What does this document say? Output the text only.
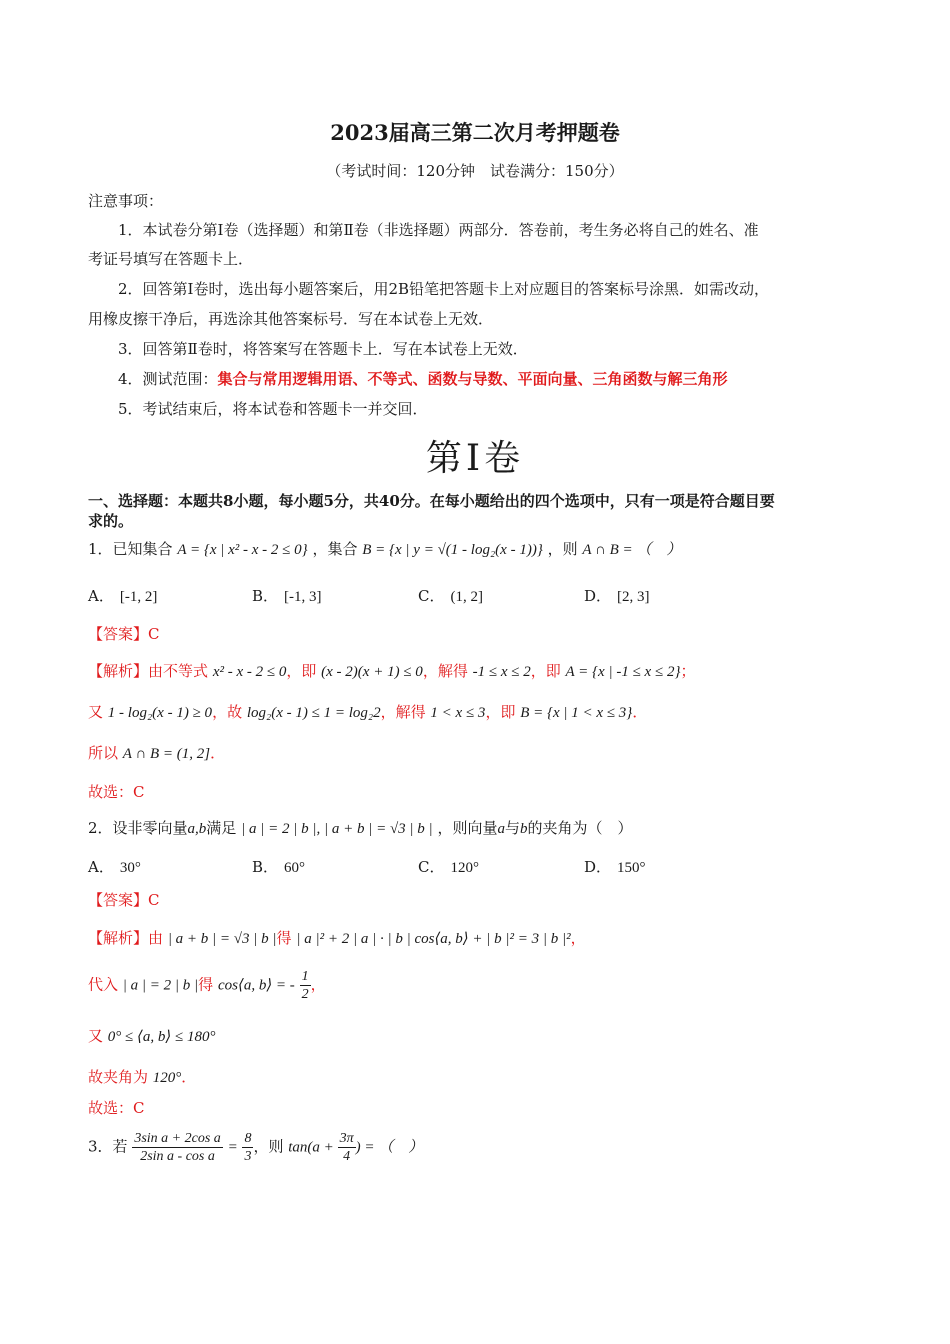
2023届高三第二次月考押题卷
（考试时间：120分钟　试卷满分：150分）
注意事项：
1．本试卷分第Ⅰ卷（选择题）和第Ⅱ卷（非选择题）两部分．答卷前，考生务必将自己的姓名、准
考证号填写在答题卡上．
2．回答第Ⅰ卷时，选出每小题答案后，用2B铅笔把答题卡上对应题目的答案标号涂黑．如需改动，
用橡皮擦干净后，再选涂其他答案标号．写在本试卷上无效．
3．回答第Ⅱ卷时，将答案写在答题卡上．写在本试卷上无效．
4．测试范围：集合与常用逻辑用语、不等式、函数与导数、平面向量、三角函数与解三角形
5．考试结束后，将本试卷和答题卡一并交回．
第Ⅰ卷
一、选择题：本题共8小题，每小题5分，共40分。在每小题给出的四个选项中，只有一项是符合题目要
求的。
1．已知集合 A = {x | x² - x - 2 ≤ 0} ，集合 B = {x | y = √(1 - log₂(x - 1))} ，则 A ∩ B = （　）
A． [-1, 2]	B． [-1, 3]	C． (1, 2]	D． [2, 3]
【答案】C
【解析】由不等式 x² - x - 2 ≤ 0，即 (x - 2)(x + 1) ≤ 0，解得 -1 ≤ x ≤ 2，即 A = {x | -1 ≤ x ≤ 2}；
又 1 - log₂(x - 1) ≥ 0，故 log₂(x - 1) ≤ 1 = log₂2，解得 1 < x ≤ 3，即 B = {x | 1 < x ≤ 3}．
所以 A ∩ B = (1, 2]．
故选：C
2．设非零向量a,b满足 | a | = 2 | b |, | a + b | = √3 | b | ，则向量a与b的夹角为（　）
A． 30°	B． 60°	C． 120°	D． 150°
【答案】C
【解析】由 | a + b | = √3 | b |得 | a |² + 2 | a | · | b | cos⟨a, b⟩ + | b |² = 3 | b |²，
代入 | a | = 2 | b |得 cos⟨a, b⟩ = - $\frac{1}{2}$ ，
又 0° ≤ ⟨a, b⟩ ≤ 180°
故夹角为 120°．
故选：C
3．若 $\frac{\text{3sin a + 2cos a}}{\text{2sin a - cos a}} = \frac{8}{3}$ ，则 $\tan(a + \frac{3\pi}{4}$ ) = （　）
